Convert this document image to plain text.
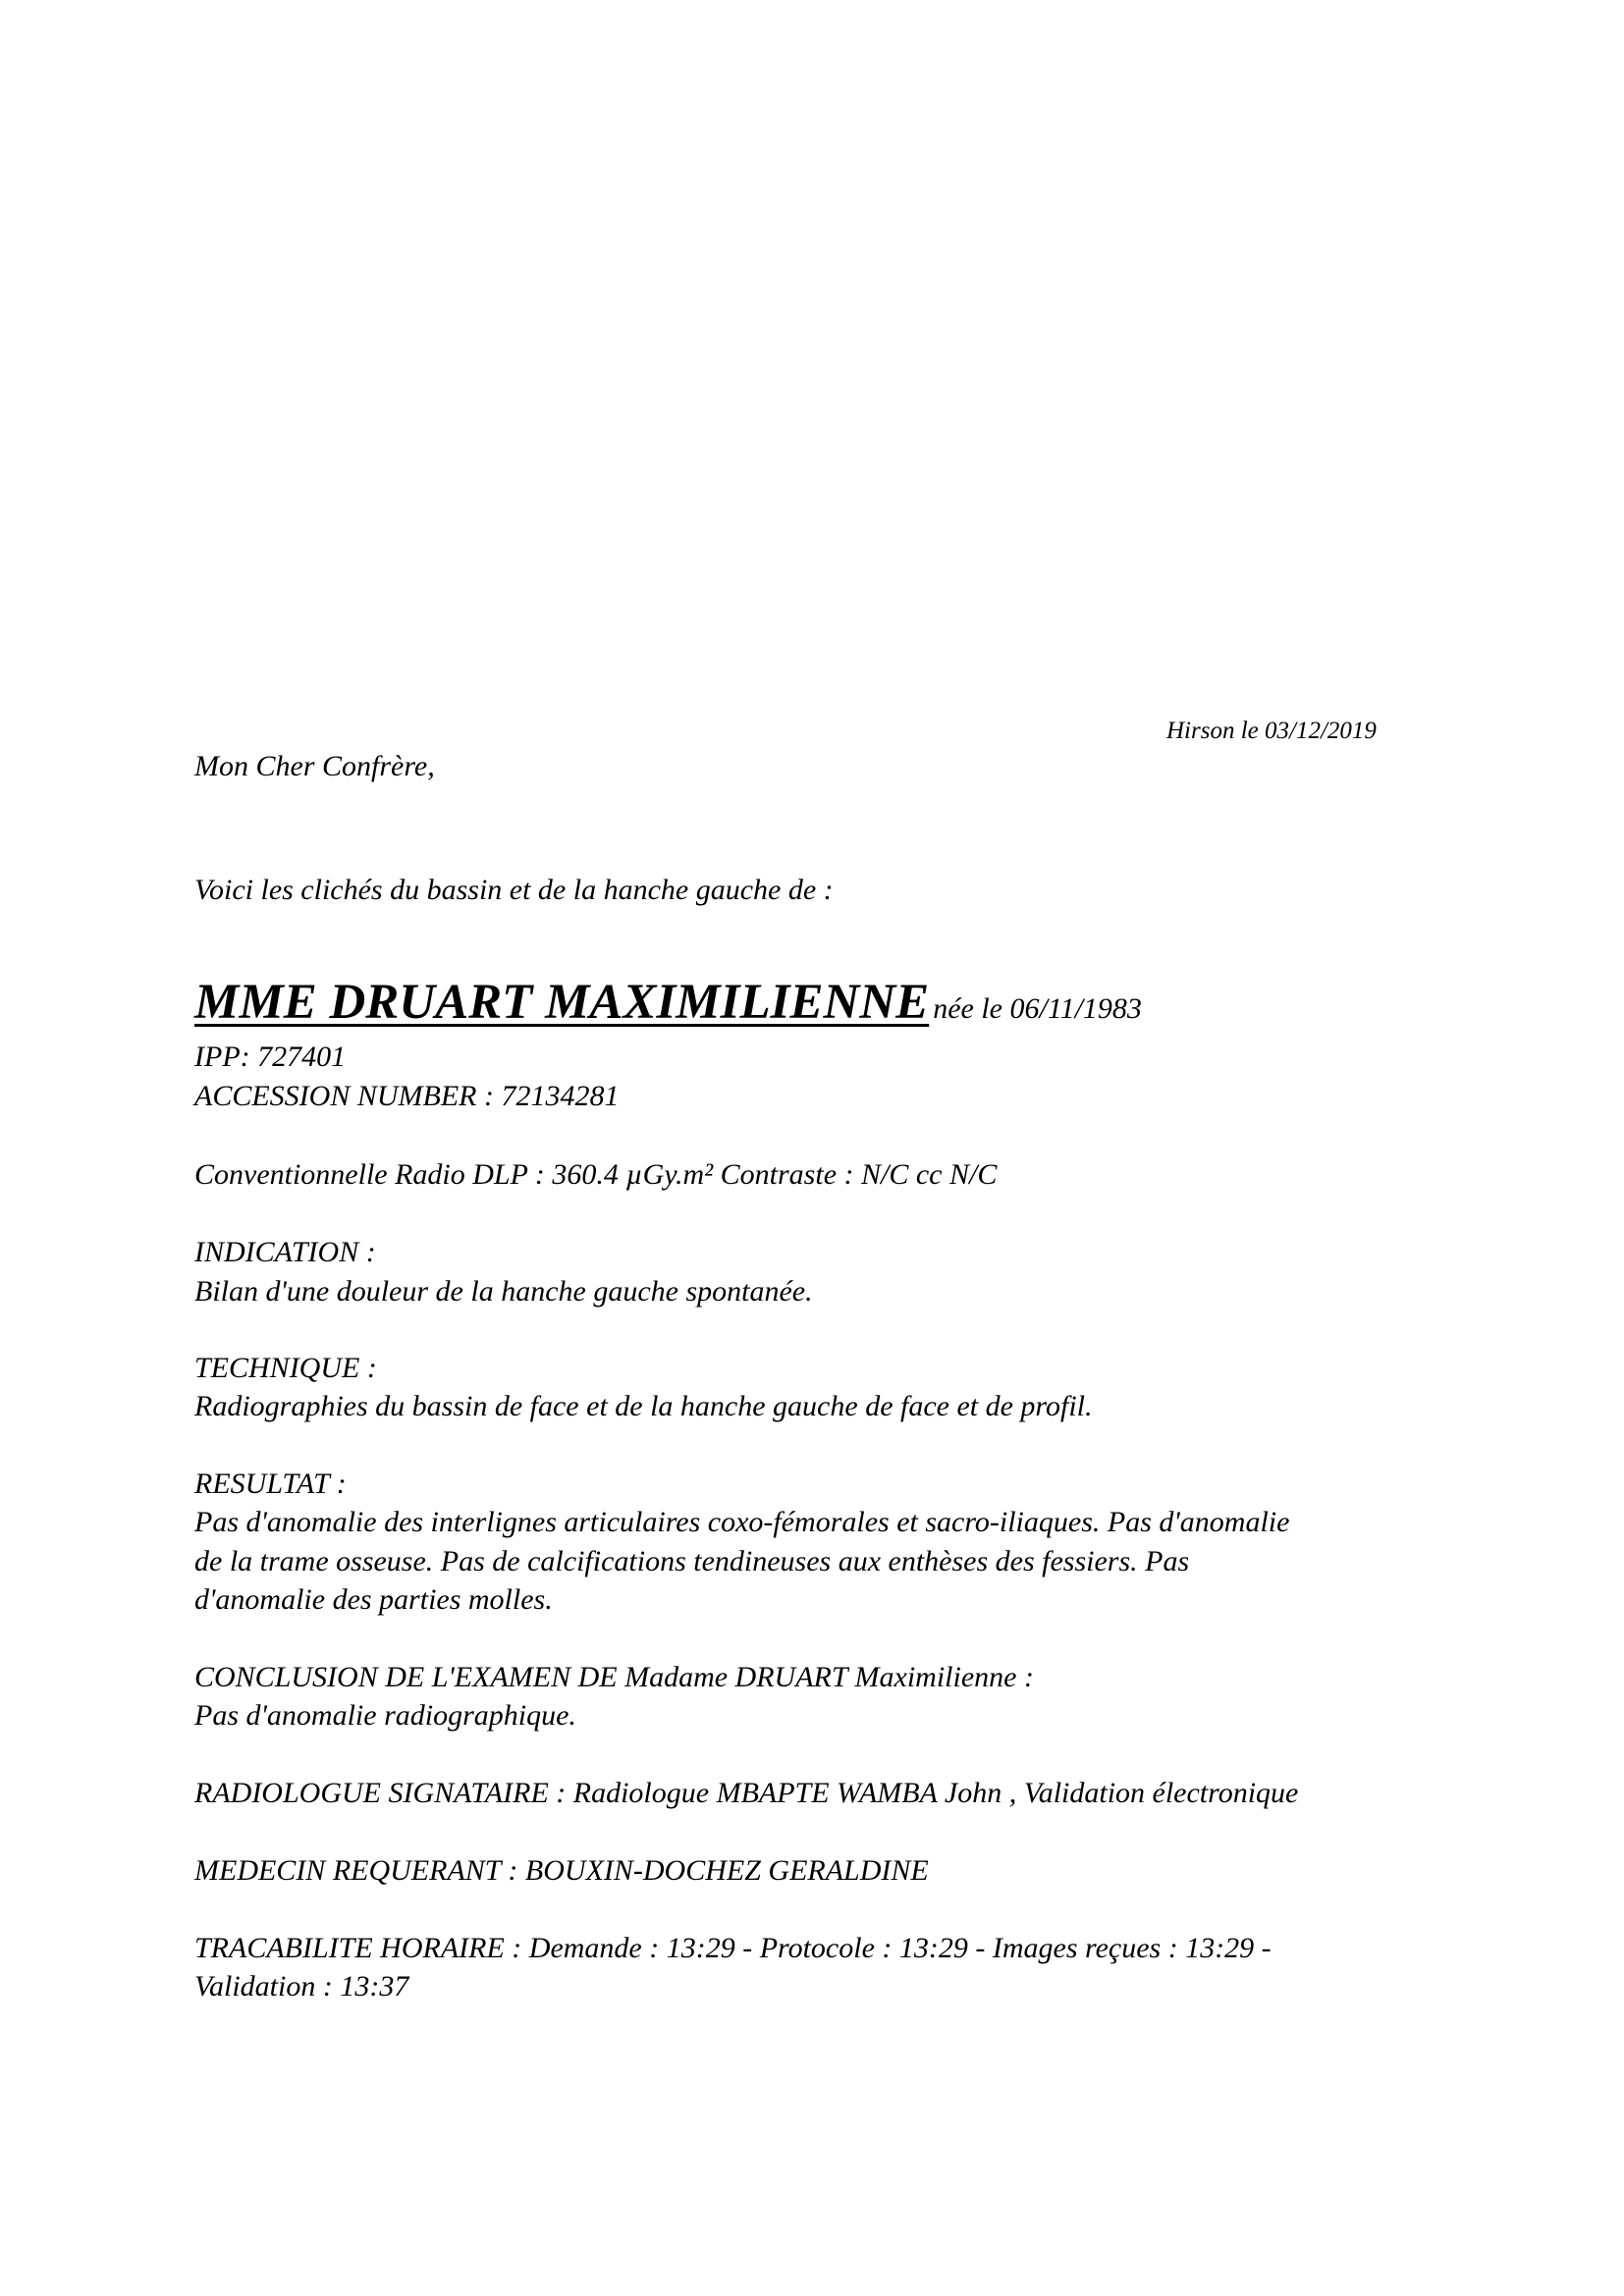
Hirson le 03/12/2019

Mon Cher Confrère,

Voici les clichés du bassin et de la hanche gauche de :

MME DRUART MAXIMILIENNE née le 06/11/1983

IPP: 727401

ACCESSION NUMBER : 72134281

Conventionnelle Radio DLP : 360.4 µGy.m² Contraste : N/C cc N/C

INDICATION :

Bilan d'une douleur de la hanche gauche spontanée.

TECHNIQUE :

Radiographies du bassin de face et de la hanche gauche de face et de profil.

RESULTAT :

Pas d'anomalie des interlignes articulaires coxo-fémorales et sacro-iliaques. Pas d'anomalie

de la trame osseuse. Pas de calcifications tendineuses aux enthèses des fessiers. Pas

d'anomalie des parties molles.

CONCLUSION DE L'EXAMEN DE Madame DRUART Maximilienne :

Pas d'anomalie radiographique.

RADIOLOGUE SIGNATAIRE : Radiologue MBAPTE WAMBA John , Validation électronique

MEDECIN REQUERANT : BOUXIN-DOCHEZ GERALDINE

TRACABILITE HORAIRE : Demande : 13:29 - Protocole : 13:29 - Images reçues : 13:29 -

Validation : 13:37
